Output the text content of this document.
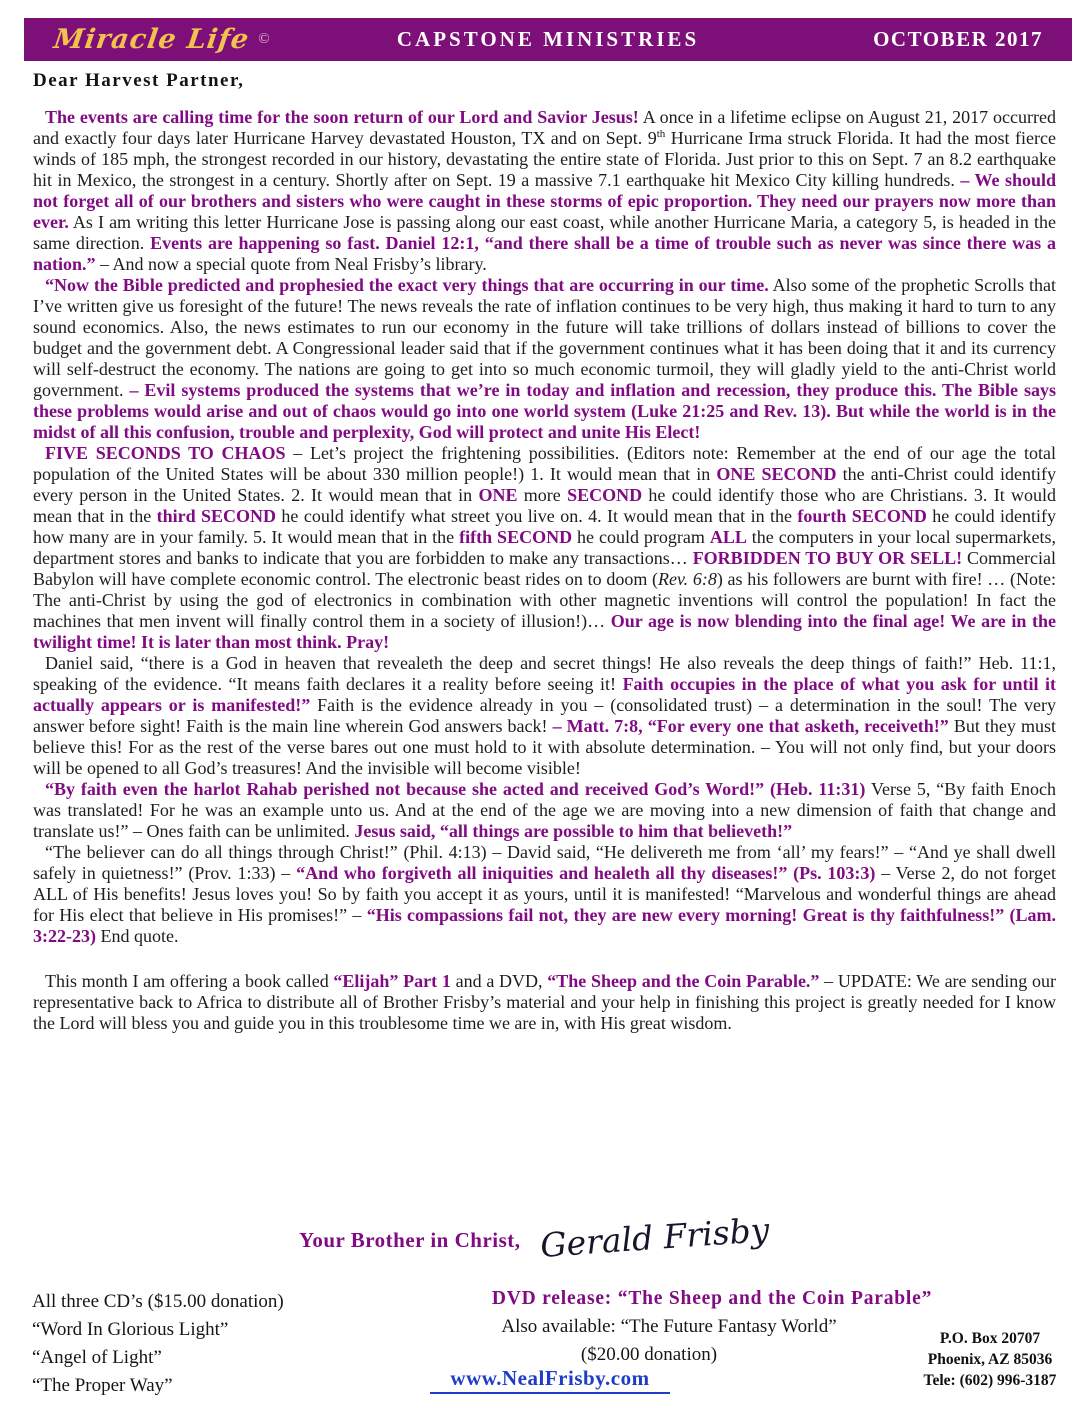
Miracle Life ©	CAPSTONE MINISTRIES	OCTOBER 2017
Dear Harvest Partner,

The events are calling time for the soon return of our Lord and Savior Jesus! A once in a lifetime eclipse on August 21, 2017 occurred and exactly four days later Hurricane Harvey devastated Houston, TX and on Sept. 9th Hurricane Irma struck Florida. It had the most fierce winds of 185 mph, the strongest recorded in our history, devastating the entire state of Florida. Just prior to this on Sept. 7 an 8.2 earthquake hit in Mexico, the strongest in a century. Shortly after on Sept. 19 a massive 7.1 earthquake hit Mexico City killing hundreds. – We should not forget all of our brothers and sisters who were caught in these storms of epic proportion. They need our prayers now more than ever. As I am writing this letter Hurricane Jose is passing along our east coast, while another Hurricane Maria, a category 5, is headed in the same direction. Events are happening so fast. Daniel 12:1, “and there shall be a time of trouble such as never was since there was a nation.” – And now a special quote from Neal Frisby’s library.

“Now the Bible predicted and prophesied the exact very things that are occurring in our time. Also some of the prophetic Scrolls that I’ve written give us foresight of the future! The news reveals the rate of inflation continues to be very high, thus making it hard to turn to any sound economics. Also, the news estimates to run our economy in the future will take trillions of dollars instead of billions to cover the budget and the government debt. A Congressional leader said that if the government continues what it has been doing that it and its currency will self-destruct the economy. The nations are going to get into so much economic turmoil, they will gladly yield to the anti-Christ world government. – Evil systems produced the systems that we’re in today and inflation and recession, they produce this. The Bible says these problems would arise and out of chaos would go into one world system (Luke 21:25 and Rev. 13). But while the world is in the midst of all this confusion, trouble and perplexity, God will protect and unite His Elect!

FIVE SECONDS TO CHAOS – Let’s project the frightening possibilities. (Editors note: Remember at the end of our age the total population of the United States will be about 330 million people!) 1. It would mean that in ONE SECOND the anti-Christ could identify every person in the United States. 2. It would mean that in ONE more SECOND he could identify those who are Christians. 3. It would mean that in the third SECOND he could identify what street you live on. 4. It would mean that in the fourth SECOND he could identify how many are in your family. 5. It would mean that in the fifth SECOND he could program ALL the computers in your local supermarkets, department stores and banks to indicate that you are forbidden to make any transactions… FORBIDDEN TO BUY OR SELL! Commercial Babylon will have complete economic control. The electronic beast rides on to doom (Rev. 6:8) as his followers are burnt with fire! … (Note: The anti-Christ by using the god of electronics in combination with other magnetic inventions will control the population! In fact the machines that men invent will finally control them in a society of illusion!)… Our age is now blending into the final age! We are in the twilight time! It is later than most think. Pray!

Daniel said, “there is a God in heaven that revealeth the deep and secret things! He also reveals the deep things of faith!” Heb. 11:1, speaking of the evidence. “It means faith declares it a reality before seeing it! Faith occupies in the place of what you ask for until it actually appears or is manifested!” Faith is the evidence already in you – (consolidated trust) – a determination in the soul! The very answer before sight! Faith is the main line wherein God answers back! – Matt. 7:8, “For every one that asketh, receiveth!” But they must believe this! For as the rest of the verse bares out one must hold to it with absolute determination. – You will not only find, but your doors will be opened to all God’s treasures! And the invisible will become visible!

“By faith even the harlot Rahab perished not because she acted and received God’s Word!” (Heb. 11:31) Verse 5, “By faith Enoch was translated! For he was an example unto us. And at the end of the age we are moving into a new dimension of faith that change and translate us!” – Ones faith can be unlimited. Jesus said, “all things are possible to him that believeth!”

“The believer can do all things through Christ!” (Phil. 4:13) – David said, “He delivereth me from ‘all’ my fears!” – “And ye shall dwell safely in quietness!” (Prov. 1:33) – “And who forgiveth all iniquities and healeth all thy diseases!” (Ps. 103:3) – Verse 2, do not forget ALL of His benefits! Jesus loves you! So by faith you accept it as yours, until it is manifested! “Marvelous and wonderful things are ahead for His elect that believe in His promises!” – “His compassions fail not, they are new every morning! Great is thy faithfulness!” (Lam. 3:22-23) End quote.

This month I am offering a book called “Elijah” Part 1 and a DVD, “The Sheep and the Coin Parable.” – UPDATE: We are sending our representative back to Africa to distribute all of Brother Frisby’s material and your help in finishing this project is greatly needed for I know the Lord will bless you and guide you in this troublesome time we are in, with His great wisdom.

Your Brother in Christ, Gerald Frisby
All three CD’s ($15.00 donation)
“Word In Glorious Light”
“Angel of Light”
“The Proper Way”
DVD release: “The Sheep and the Coin Parable”
Also available: “The Future Fantasy World”
($20.00 donation)
www.NealFrisby.com
P.O. Box 20707
Phoenix, AZ 85036
Tele: (602) 996-3187
